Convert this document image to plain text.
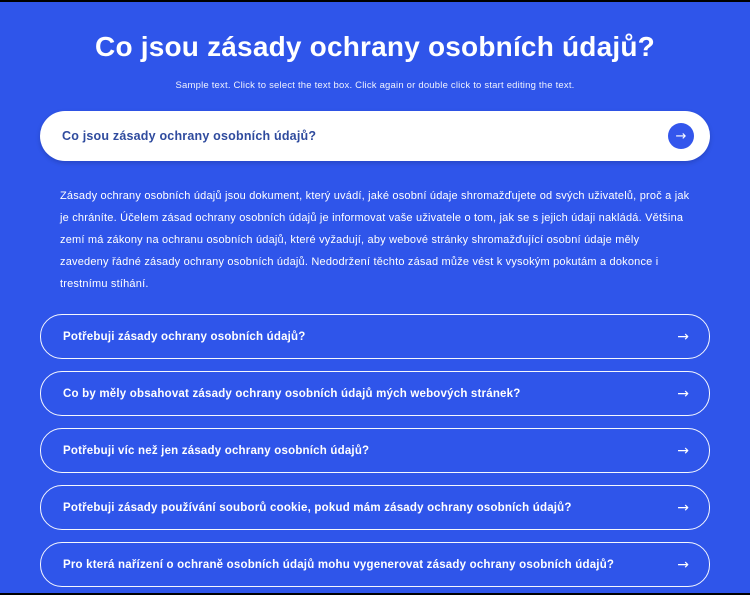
Co jsou zásady ochrany osobních údajů?
Sample text. Click to select the text box. Click again or double click to start editing the text.
Co jsou zásady ochrany osobních údajů?	→
Zásady ochrany osobních údajů jsou dokument, který uvádí, jaké osobní údaje shromažďujete od svých uživatelů, proč a jak je chráníte. Účelem zásad ochrany osobních údajů je informovat vaše uživatele o tom, jak se s jejich údaji nakládá. Většina zemí má zákony na ochranu osobních údajů, které vyžadují, aby webové stránky shromažďující osobní údaje měly zavedeny řádné zásady ochrany osobních údajů. Nedodržení těchto zásad může vést k vysokým pokutám a dokonce i trestnímu stíhání.
Potřebuji zásady ochrany osobních údajů?	→
Co by měly obsahovat zásady ochrany osobních údajů mých webových stránek?	→
Potřebuji víc než jen zásady ochrany osobních údajů?	→
Potřebuji zásady používání souborů cookie, pokud mám zásady ochrany osobních údajů?	→
Pro která nařízení o ochraně osobních údajů mohu vygenerovat zásady ochrany osobních údajů?	→
